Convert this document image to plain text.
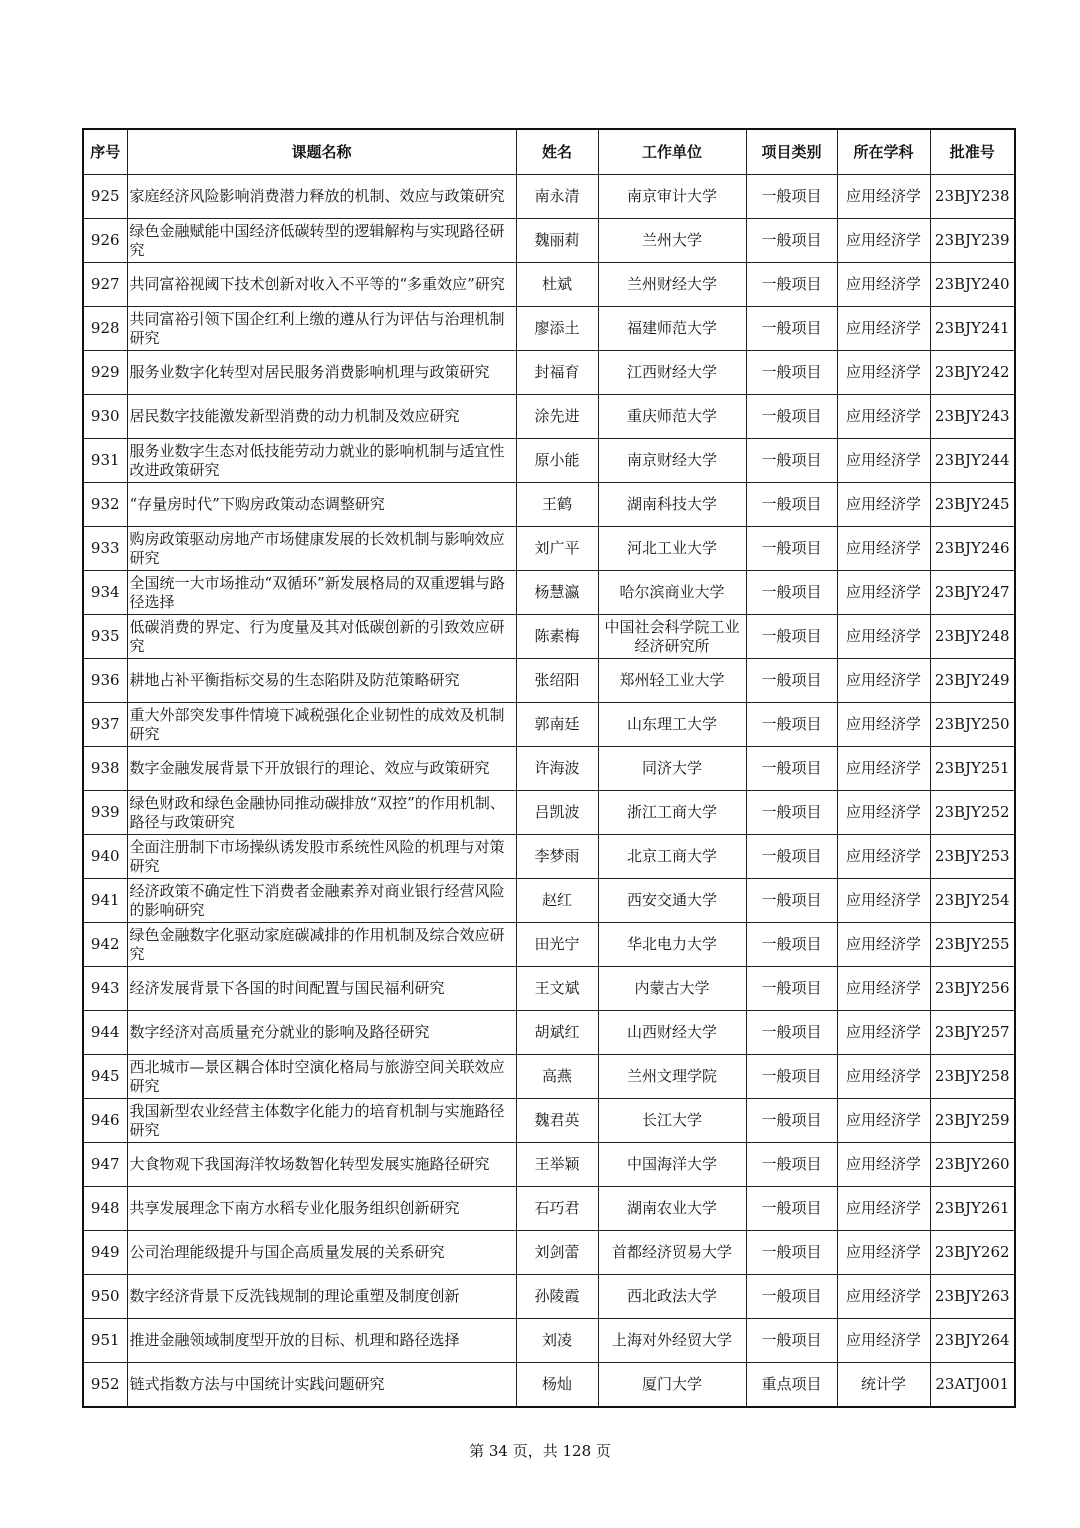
序号	课题名称	姓名	工作单位	项目类别	所在学科	批准号
925	家庭经济风险影响消费潜力释放的机制、效应与政策研究	南永清	南京审计大学	一般项目	应用经济学	23BJY238
926	绿色金融赋能中国经济低碳转型的逻辑解构与实现路径研究	魏丽莉	兰州大学	一般项目	应用经济学	23BJY239
927	共同富裕视阈下技术创新对收入不平等的“多重效应”研究	杜斌	兰州财经大学	一般项目	应用经济学	23BJY240
928	共同富裕引领下国企红利上缴的遵从行为评估与治理机制研究	廖添土	福建师范大学	一般项目	应用经济学	23BJY241
929	服务业数字化转型对居民服务消费影响机理与政策研究	封福育	江西财经大学	一般项目	应用经济学	23BJY242
930	居民数字技能激发新型消费的动力机制及效应研究	涂先进	重庆师范大学	一般项目	应用经济学	23BJY243
931	服务业数字生态对低技能劳动力就业的影响机制与适宜性改进政策研究	原小能	南京财经大学	一般项目	应用经济学	23BJY244
932	“存量房时代”下购房政策动态调整研究	王鹤	湖南科技大学	一般项目	应用经济学	23BJY245
933	购房政策驱动房地产市场健康发展的长效机制与影响效应研究	刘广平	河北工业大学	一般项目	应用经济学	23BJY246
934	全国统一大市场推动“双循环”新发展格局的双重逻辑与路径选择	杨慧瀛	哈尔滨商业大学	一般项目	应用经济学	23BJY247
935	低碳消费的界定、行为度量及其对低碳创新的引致效应研究	陈素梅	中国社会科学院工业经济研究所	一般项目	应用经济学	23BJY248
936	耕地占补平衡指标交易的生态陷阱及防范策略研究	张绍阳	郑州轻工业大学	一般项目	应用经济学	23BJY249
937	重大外部突发事件情境下减税强化企业韧性的成效及机制研究	郭南廷	山东理工大学	一般项目	应用经济学	23BJY250
938	数字金融发展背景下开放银行的理论、效应与政策研究	许海波	同济大学	一般项目	应用经济学	23BJY251
939	绿色财政和绿色金融协同推动碳排放“双控”的作用机制、路径与政策研究	吕凯波	浙江工商大学	一般项目	应用经济学	23BJY252
940	全面注册制下市场操纵诱发股市系统性风险的机理与对策研究	李梦雨	北京工商大学	一般项目	应用经济学	23BJY253
941	经济政策不确定性下消费者金融素养对商业银行经营风险的影响研究	赵红	西安交通大学	一般项目	应用经济学	23BJY254
942	绿色金融数字化驱动家庭碳减排的作用机制及综合效应研究	田光宁	华北电力大学	一般项目	应用经济学	23BJY255
943	经济发展背景下各国的时间配置与国民福利研究	王文斌	内蒙古大学	一般项目	应用经济学	23BJY256
944	数字经济对高质量充分就业的影响及路径研究	胡斌红	山西财经大学	一般项目	应用经济学	23BJY257
945	西北城市—景区耦合体时空演化格局与旅游空间关联效应研究	高燕	兰州文理学院	一般项目	应用经济学	23BJY258
946	我国新型农业经营主体数字化能力的培育机制与实施路径研究	魏君英	长江大学	一般项目	应用经济学	23BJY259
947	大食物观下我国海洋牧场数智化转型发展实施路径研究	王举颖	中国海洋大学	一般项目	应用经济学	23BJY260
948	共享发展理念下南方水稻专业化服务组织创新研究	石巧君	湖南农业大学	一般项目	应用经济学	23BJY261
949	公司治理能级提升与国企高质量发展的关系研究	刘剑蕾	首都经济贸易大学	一般项目	应用经济学	23BJY262
950	数字经济背景下反洗钱规制的理论重塑及制度创新	孙陵霞	西北政法大学	一般项目	应用经济学	23BJY263
951	推进金融领域制度型开放的目标、机理和路径选择	刘凌	上海对外经贸大学	一般项目	应用经济学	23BJY264
952	链式指数方法与中国统计实践问题研究	杨灿	厦门大学	重点项目	统计学	23ATJ001
第 34 页，共 128 页
